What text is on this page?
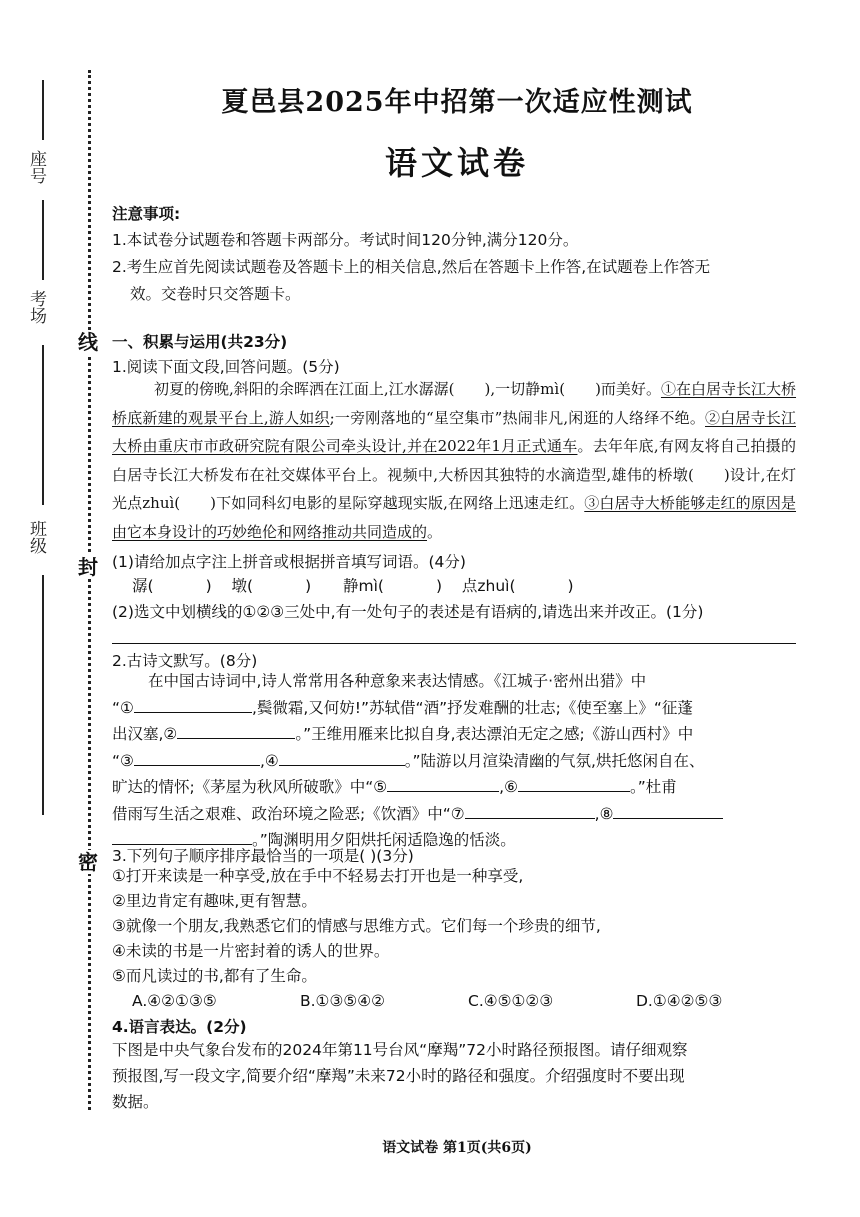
座号
考场
班级
线
封
密
夏邑县2025年中招第一次适应性测试
语文试卷
注意事项:
1.本试卷分试题卷和答题卡两部分。考试时间120分钟,满分120分。
2.考生应首先阅读试题卷及答题卡上的相关信息,然后在答题卡上作答,在试题卷上作答无
效。交卷时只交答题卡。
一、积累与运用(共23分)
1.阅读下面文段,回答问题。(5分)
初夏的傍晚,斜阳的余晖洒在江面上,江水潺潺( ),一切静mì( )而美好。①在白居寺长江大桥桥底新建的观景平台上,游人如织;一旁刚落地的“星空集市”热闹非凡,闲逛的人络绎不绝。②白居寺长江大桥由重庆市市政研究院有限公司牵头设计,并在2022年1月正式通车。去年年底,有网友将自己拍摄的白居寺长江大桥发布在社交媒体平台上。视频中,大桥因其独特的水滴造型,雄伟的桥墩( )设计,在灯光点zhuì( )下如同科幻电影的星际穿越现实版,在网络上迅速走红。③白居寺大桥能够走红的原因是由它本身设计的巧妙绝伦和网络推动共同造成的。
(1)请给加点字注上拼音或根据拼音填写词语。(4分)
潺(	) 墩(	) 静mì(	) 点zhuì(	)
(2)选文中划横线的①②③三处中,有一处句子的表述是有语病的,请选出来并改正。(1分)
2.古诗文默写。(8分)
在中国古诗词中,诗人常常用各种意象来表达情感。《江城子·密州出猎》中
“①	,鬓微霜,又何妨!”苏轼借“酒”抒发难酬的壮志;《使至塞上》“征蓬
出汉塞,②	。”王维用雁来比拟自身,表达漂泊无定之感;《游山西村》中
“③	,④	。”陆游以月渲染清幽的气氛,烘托悠闲自在、
旷达的情怀;《茅屋为秋风所破歌》中“⑤	,⑥	。”杜甫
借雨写生活之艰难、政治环境之险恶;《饮酒》中“⑦	,⑧
。”陶渊明用夕阳烘托闲适隐逸的恬淡。
3.下列句子顺序排序最恰当的一项是( )(3分)
①打开来读是一种享受,放在手中不轻易去打开也是一种享受,
②里边肯定有趣味,更有智慧。
③就像一个朋友,我熟悉它们的情感与思维方式。它们每一个珍贵的细节,
④未读的书是一片密封着的诱人的世界。
⑤而凡读过的书,都有了生命。
A.④②①③⑤	B.①③⑤④②	C.④⑤①②③	D.①④②⑤③
4.语言表达。(2分)
下图是中央气象台发布的2024年第11号台风“摩羯”72小时路径预报图。请仔细观察
预报图,写一段文字,简要介绍“摩羯”未来72小时的路径和强度。介绍强度时不要出现
数据。
语文试卷 第1页(共6页)
